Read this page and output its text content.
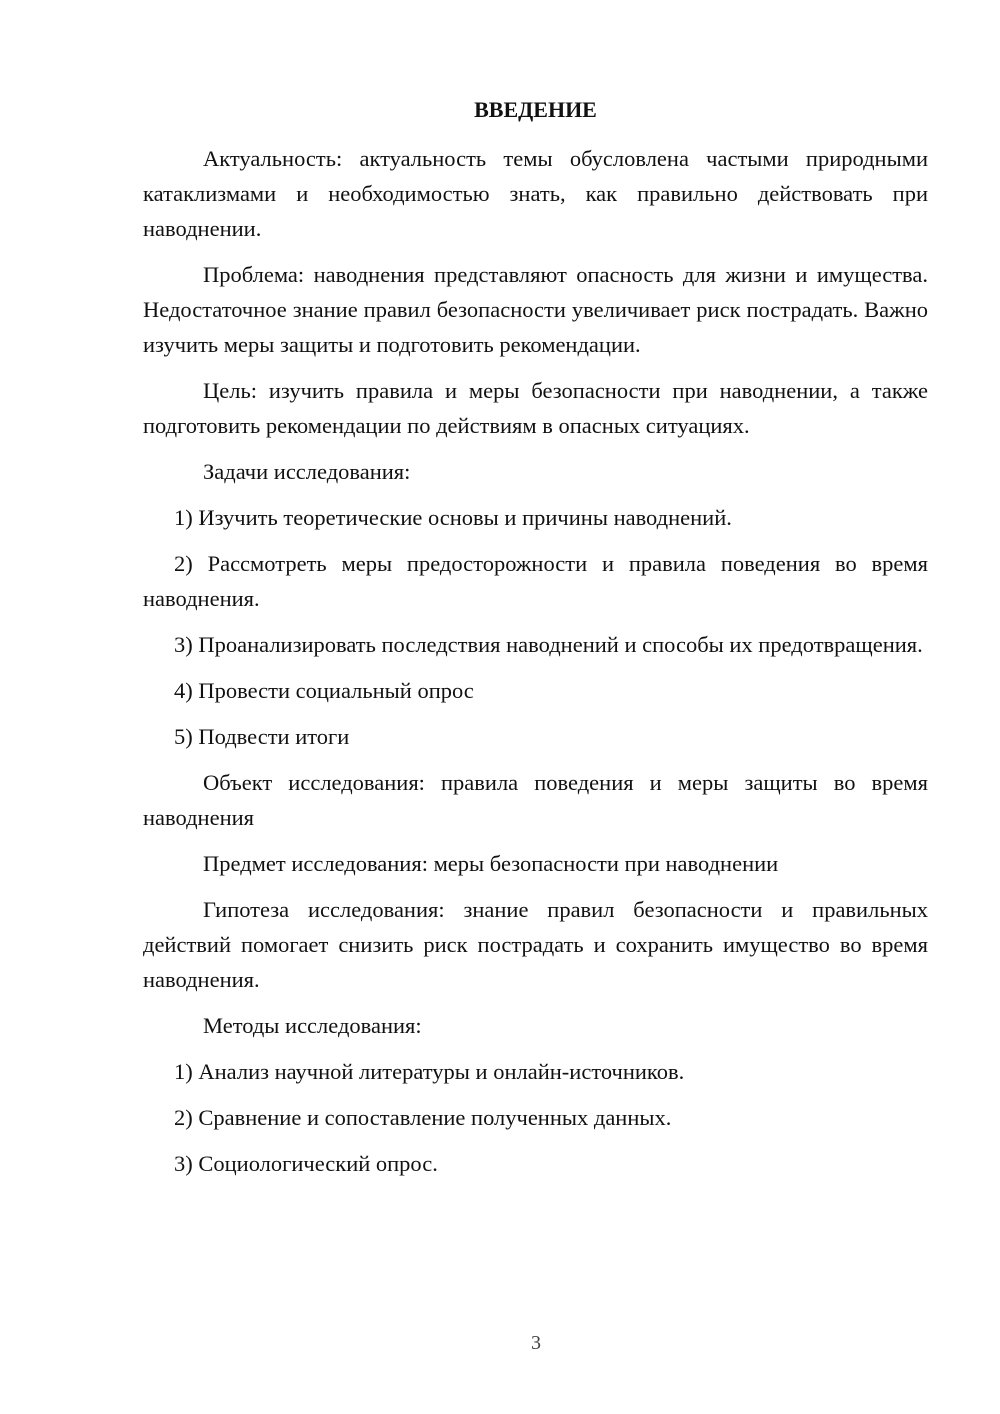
ВВЕДЕНИЕ

Актуальность: актуальность темы обусловлена частыми природными катаклизмами и необходимостью знать, как правильно действовать при наводнении.

Проблема: наводнения представляют опасность для жизни и имущества. Недостаточное знание правил безопасности увеличивает риск пострадать. Важно изучить меры защиты и подготовить рекомендации.

Цель: изучить правила и меры безопасности при наводнении, а также подготовить рекомендации по действиям в опасных ситуациях.

Задачи исследования:

1) Изучить теоретические основы и причины наводнений.

2) Рассмотреть меры предосторожности и правила поведения во время наводнения.

3) Проанализировать последствия наводнений и способы их предотвращения.

4) Провести социальный опрос

5) Подвести итоги

Объект исследования: правила поведения и меры защиты во время наводнения

Предмет исследования: меры безопасности при наводнении

Гипотеза исследования: знание правил безопасности и правильных действий помогает снизить риск пострадать и сохранить имущество во время наводнения.

Методы исследования:

1) Анализ научной литературы и онлайн-источников.

2) Сравнение и сопоставление полученных данных.

3) Социологический опрос.

3
